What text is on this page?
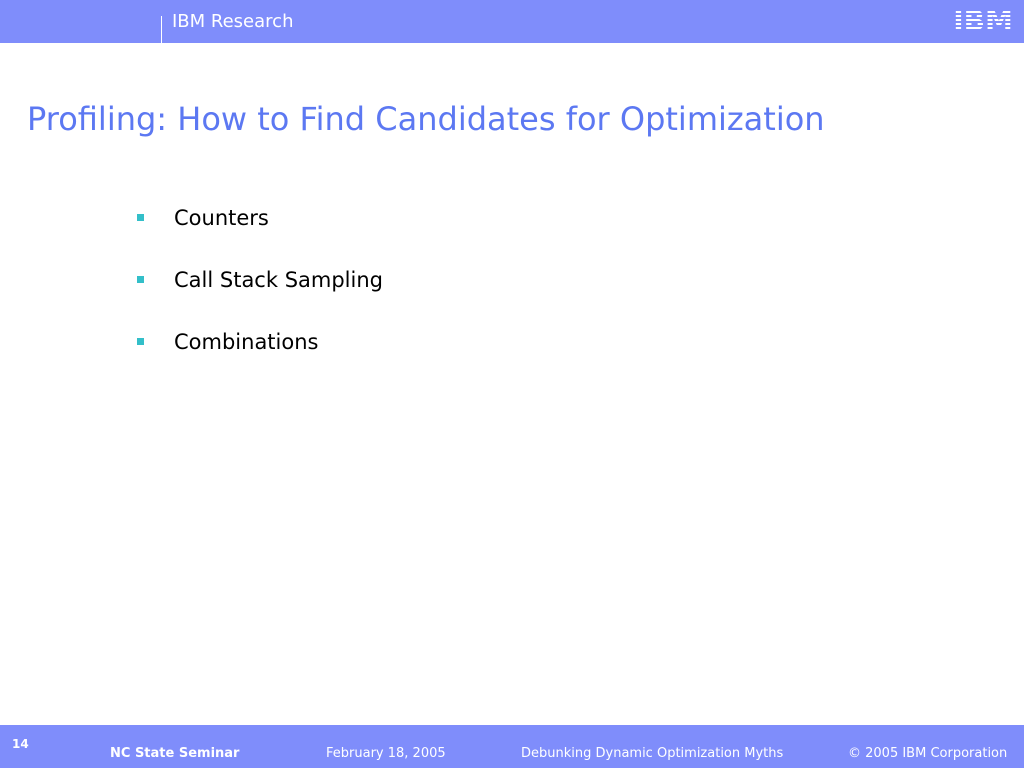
IBM Research	IBM
Profiling: How to Find Candidates for Optimization
Counters
Call Stack Sampling
Combinations
14
NC State Seminar	February 18, 2005	Debunking Dynamic Optimization Myths	© 2005 IBM Corporation
